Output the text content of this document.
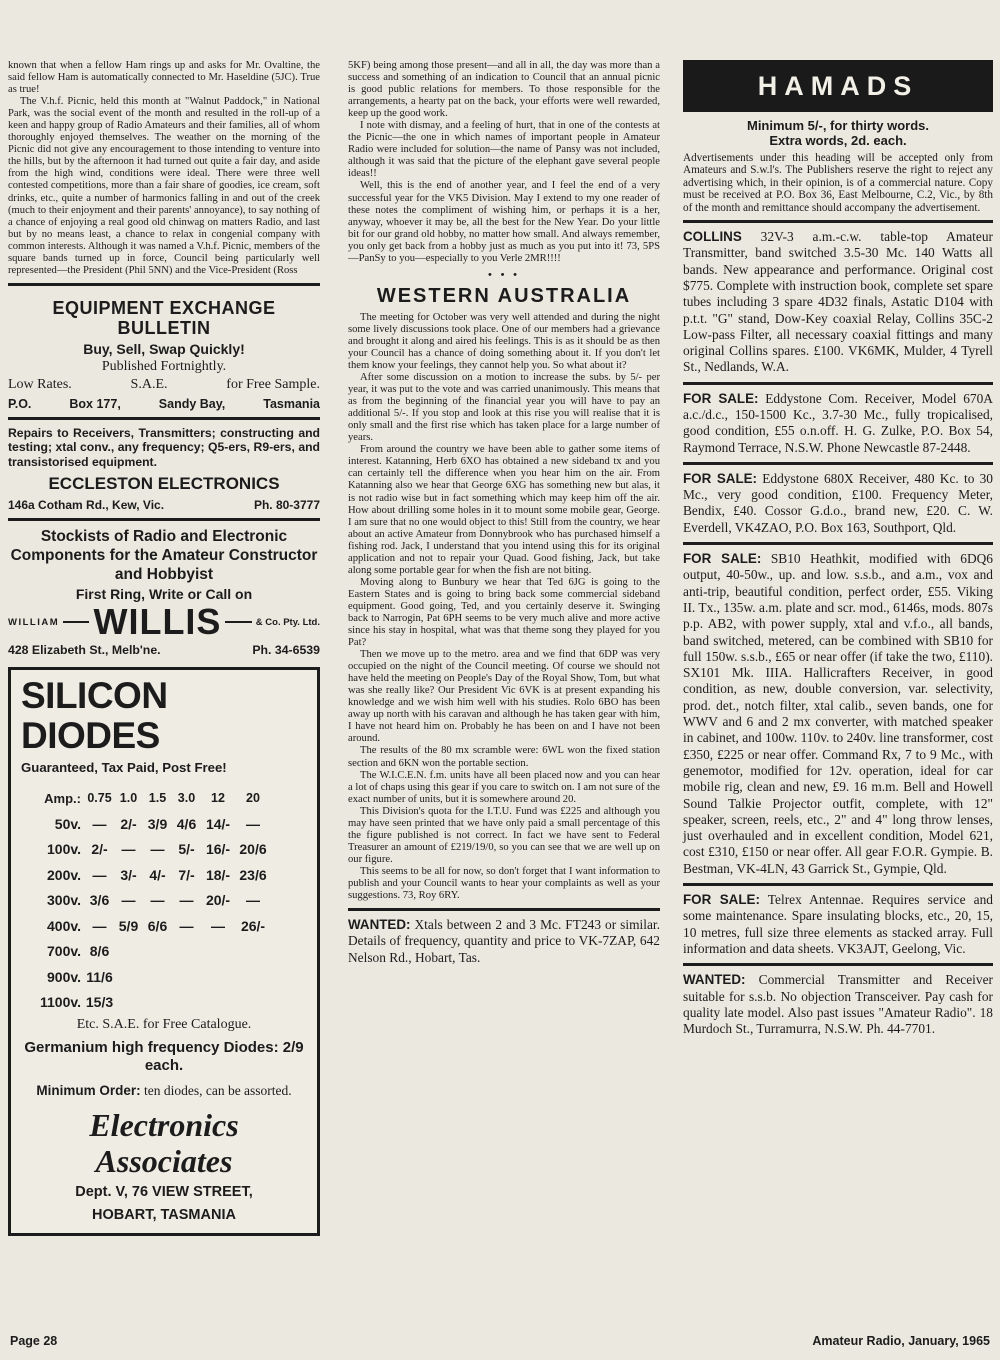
known that when a fellow Ham rings up and asks for Mr. Ovaltine, the said fellow Ham is automatically connected to Mr. Haseldine (5JC). True as true!

The V.h.f. Picnic, held this month at "Walnut Paddock," in National Park, was the social event of the month and resulted in the roll-up of a keen and happy group of Radio Amateurs and their families, all of whom thoroughly enjoyed themselves. The weather on the morning of the Picnic did not give any encouragement to those intending to venture into the hills, but by the afternoon it had turned out quite a fair day, and aside from the high wind, conditions were ideal. There were three well contested competitions, more than a fair share of goodies, ice cream, soft drinks, etc., quite a number of harmonics falling in and out of the creek (much to their enjoyment and their parents' annoyance), to say nothing of a chance of enjoying a real good old chinwag on matters Radio, and last but by no means least, a chance to relax in congenial company with common interests. Although it was named a V.h.f. Picnic, members of the square bands turned up in force, Council being particularly well represented—the President (Phil 5NN) and the Vice-President (Ross

EQUIPMENT EXCHANGE
BULLETIN
Buy, Sell, Swap Quickly!
Published Fortnightly.
Low Rates.	S.A.E.	for Free Sample.
P.O.	Box 177,	Sandy Bay,	Tasmania
Repairs to Receivers, Transmitters; constructing and testing; xtal conv., any frequency; Q5-ers, R9-ers, and transistorised equipment.
ECCLESTON ELECTRONICS
146a Cotham Rd., Kew, Vic.	Ph. 80-3777
Stockists of Radio and Electronic Components for the Amateur Constructor and Hobbyist
First Ring, Write or Call on
WILLIAM WILLIS	& Co. Pty. Ltd.
428 Elizabeth St., Melb'ne.	Ph. 34-6539
SILICON DIODES
Guaranteed, Tax Paid, Post Free!
Amp.: 0.75 1.0 1.5 3.0	12	20
50v. — 2/- 3/9 4/6 14/-	—
100v. 2/- —	— 5/- 16/- 20/6
200v. — 3/- 4/- 7/- 18/- 23/6
300v. 3/6 —	—	— 20/-	—
400v. — 5/9 6/6 —	—	26/-
700v. 8/6
900v. 11/6
1100v. 15/3
Etc. S.A.E. for Free Catalogue.
Germanium high frequency Diodes: 2/9 each.
Minimum Order: ten diodes, can be assorted.
Electronics Associates
Dept. V, 76 VIEW STREET,
HOBART, TASMANIA

5KF) being among those present—and all in all, the day was more than a success and something of an indication to Council that an annual picnic is good public relations for members. To those responsible for the arrangements, a hearty pat on the back, your efforts were well rewarded, keep up the good work.

I note with dismay, and a feeling of hurt, that in one of the contests at the Picnic—the one in which names of important people in Amateur Radio were included for solution—the name of Pansy was not included, although it was said that the picture of the elephant gave several people ideas!!

Well, this is the end of another year, and I feel the end of a very successful year for the VK5 Division. May I extend to my one reader of these notes the compliment of wishing him, or perhaps it is a her, anyway, whoever it may be, all the best for the New Year. Do your little bit for our grand old hobby, no matter how small. And always remember, you only get back from a hobby just as much as you put into it! 73, 5PS—PanSy to you—especially to you Verle 2MR!!!!

• • •
WESTERN AUSTRALIA

The meeting for October was very well attended and during the night some lively discussions took place. One of our members had a grievance and brought it along and aired his feelings. This is as it should be as then your Council has a chance of doing something about it. If you don't let them know your feelings, they cannot help you. So what about it?

After some discussion on a motion to increase the subs. by 5/- per year, it was put to the vote and was carried unanimously. This means that as from the beginning of the financial year you will have to pay an additional 5/-. If you stop and look at this rise you will realise that it is only small and the first rise which has taken place for a large number of years.

From around the country we have been able to gather some items of interest. Katanning, Herb 6XO has obtained a new sideband tx and you can certainly tell the difference when you hear him on the air. From Katanning also we hear that George 6XG has something new but alas, it is not radio wise but in fact something which may keep him off the air. How about drilling some holes in it to mount some mobile gear, George. I am sure that no one would object to this! Still from the country, we hear about an active Amateur from Donnybrook who has purchased himself a fishing rod. Jack, I understand that you intend using this for its original application and not to repair your Quad. Good fishing, Jack, but take along some portable gear for when the fish are not biting.

Moving along to Bunbury we hear that Ted 6JG is going to the Eastern States and is going to bring back some commercial sideband equipment. Good going, Ted, and you certainly deserve it. Swinging back to Narrogin, Pat 6PH seems to be very much alive and more active since his stay in hospital, what was that theme song they played for you Pat?

Then we move up to the metro. area and we find that 6DP was very occupied on the night of the Council meeting. Of course we should not have held the meeting on People's Day of the Royal Show, Tom, but what was she really like? Our President Vic 6VK is at present expanding his knowledge and we wish him well with his studies. Rolo 6BO has been away up north with his caravan and although he has taken gear with him, I have not heard him on. Probably he has been on and I have not been around.

The results of the 80 mx scramble were: 6WL won the fixed station section and 6KN won the portable section.

The W.I.C.E.N. f.m. units have all been placed now and you can hear a lot of chaps using this gear if you care to switch on. I am not sure of the exact number of units, but it is somewhere around 20.

This Division's quota for the I.T.U. Fund was £225 and although you may have seen printed that we have only paid a small percentage of this the figure published is not correct. In fact we have sent to Federal Treasurer an amount of £219/19/0, so you can see that we are well up on our figure.

This seems to be all for now, so don't forget that I want information to publish and your Council wants to hear your complaints as well as your suggestions. 73, Roy 6RY.

WANTED: Xtals between 2 and 3 Mc. FT243 or similar. Details of frequency, quantity and price to VK-7ZAP, 642 Nelson Rd., Hobart, Tas.
HAMADS
Minimum 5/-, for thirty words.
Extra words, 2d. each.
Advertisements under this heading will be accepted only from Amateurs and S.w.l's. The Publishers reserve the right to reject any advertising which, in their opinion, is of a commercial nature. Copy must be received at P.O. Box 36, East Melbourne, C.2, Vic., by 8th of the month and remittance should accompany the advertisement.
COLLINS 32V-3 a.m.-c.w. table-top Amateur Transmitter, band switched 3.5-30 Mc. 140 Watts all bands. New appearance and performance. Original cost $775. Complete with instruction book, complete set spare tubes including 3 spare 4D32 finals, Astatic D104 with p.t.t. "G" stand, Dow-Key coaxial Relay, Collins 35C-2 Low-pass Filter, all necessary coaxial fittings and many original Collins spares. £100. VK6MK, Mulder, 4 Tyrell St., Nedlands, W.A.
FOR SALE: Eddystone Com. Receiver, Model 670A a.c./d.c., 150-1500 Kc., 3.7-30 Mc., fully tropicalised, good condition, £55 o.n.off. H. G. Zulke, P.O. Box 54, Raymond Terrace, N.S.W. Phone Newcastle 87-2448.
FOR SALE: Eddystone 680X Receiver, 480 Kc. to 30 Mc., very good condition, £100. Frequency Meter, Bendix, £40. Cossor G.d.o., brand new, £20. C. W. Everdell, VK4ZAO, P.O. Box 163, Southport, Qld.
FOR SALE: SB10 Heathkit, modified with 6DQ6 output, 40-50w., up. and low. s.s.b., and a.m., vox and anti-trip, beautiful condition, perfect order, £55. Viking II. Tx., 135w. a.m. plate and scr. mod., 6146s, mods. 807s p.p. AB2, with power supply, xtal and v.f.o., all bands, band switched, metered, can be combined with SB10 for full 150w. s.s.b., £65 or near offer (if take the two, £110). SX101 Mk. IIIA. Hallicrafters Receiver, in good condition, as new, double conversion, var. selectivity, prod. det., notch filter, xtal calib., seven bands, one for WWV and 6 and 2 mx converter, with matched speaker in cabinet, and 100w. 110v. to 240v. line transformer, cost £350, £225 or near offer. Command Rx, 7 to 9 Mc., with genemotor, modified for 12v. operation, ideal for car mobile rig, clean and new, £9. 16 m.m. Bell and Howell Sound Talkie Projector outfit, complete, with 12" speaker, screen, reels, etc., 2" and 4" long throw lenses, just overhauled and in excellent condition, Model 621, cost £310, £150 or near offer. All gear F.O.R. Gympie. B. Bestman, VK-4LN, 43 Garrick St., Gympie, Qld.
FOR SALE: Telrex Antennae. Requires service and some maintenance. Spare insulating blocks, etc., 20, 15, 10 metres, full size three elements as stacked array. Full information and data sheets. VK3AJT, Geelong, Vic.
WANTED: Commercial Transmitter and Receiver suitable for s.s.b. No objection Transceiver. Pay cash for quality late model. Also past issues "Amateur Radio". 18 Murdoch St., Turramurra, N.S.W. Ph. 44-7701.
Page 28	Amateur Radio, January, 1965
